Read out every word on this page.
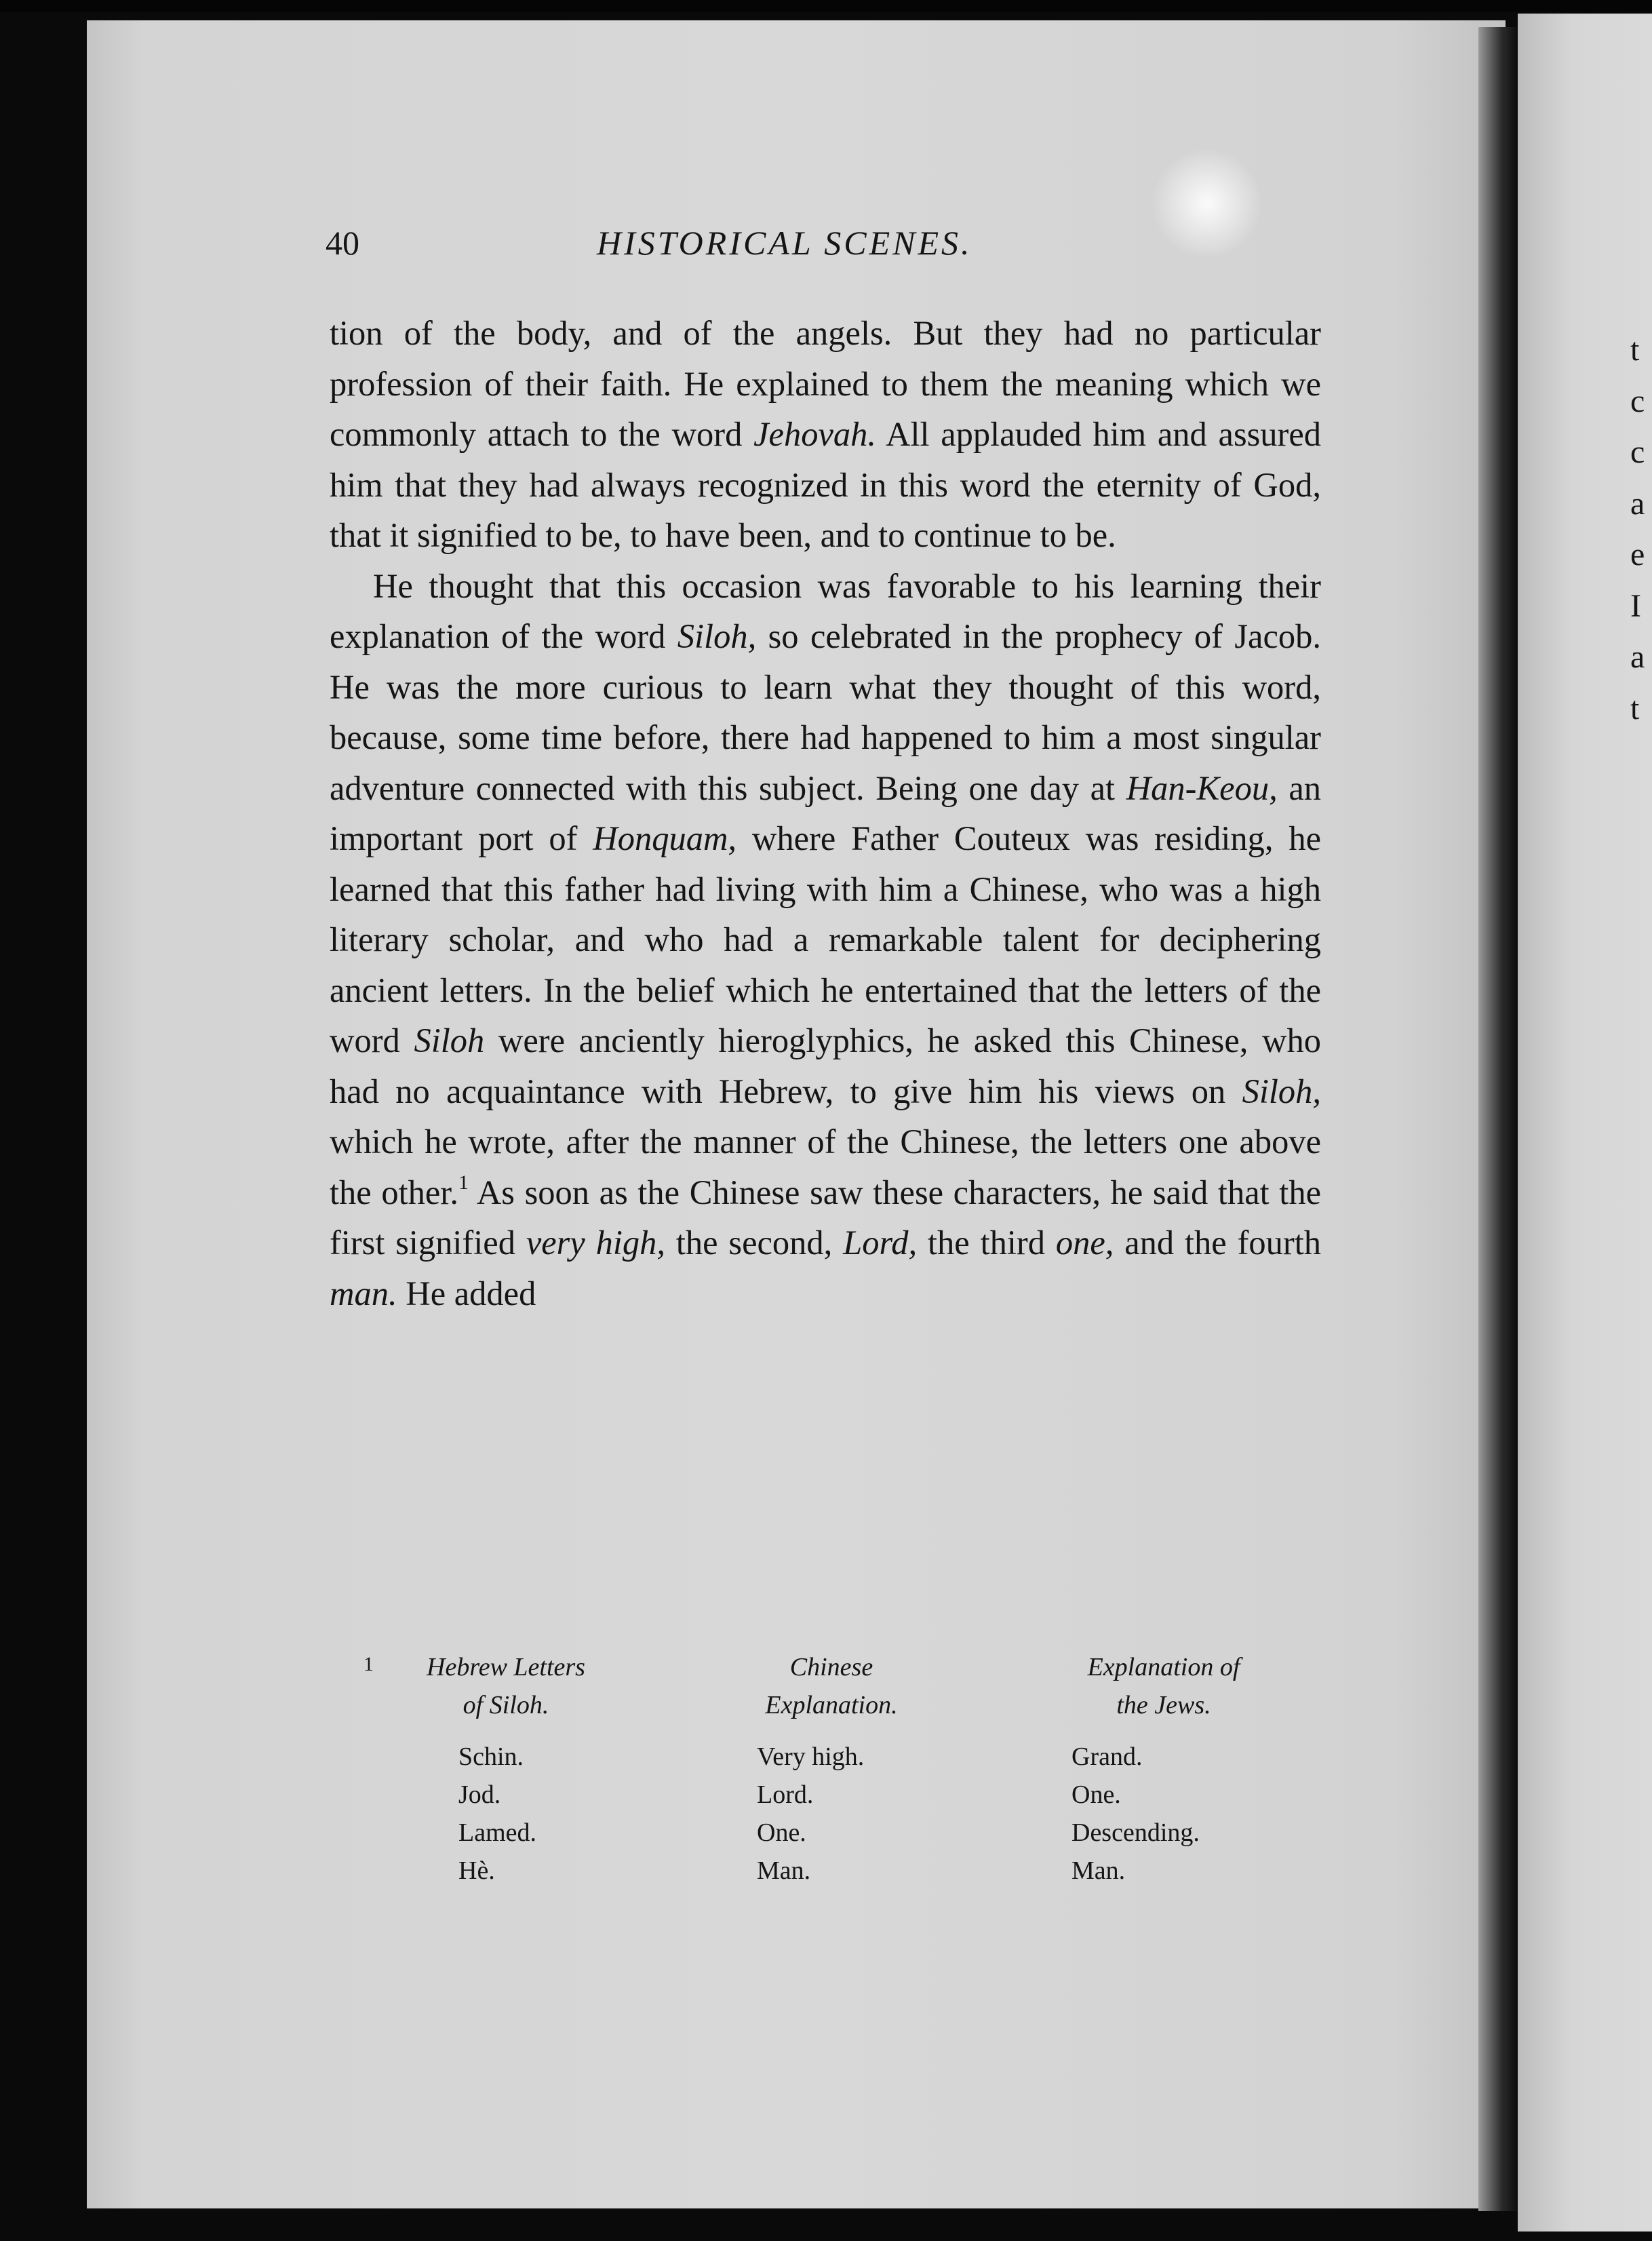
40	HISTORICAL SCENES.

tion of the body, and of the angels. But they had no particular profession of their faith. He explained to them the meaning which we commonly attach to the word Jehovah. All applauded him and assured him that they had always recognized in this word the eternity of God, that it signified to be, to have been, and to continue to be.

He thought that this occasion was favorable to his learning their explanation of the word Siloh, so celebrated in the prophecy of Jacob. He was the more curious to learn what they thought of this word, because, some time before, there had happened to him a most singular adventure connected with this subject. Being one day at Han-Keou, an important port of Honquam, where Father Couteux was residing, he learned that this father had living with him a Chinese, who was a high literary scholar, and who had a remarkable talent for deciphering ancient letters. In the belief which he entertained that the letters of the word Siloh were anciently hieroglyphics, he asked this Chinese, who had no acquaintance with Hebrew, to give him his views on Siloh, which he wrote, after the manner of the Chinese, the letters one above the other.$^1$ As soon as the Chinese saw these characters, he said that the first signified very high, the second, Lord, the third one, and the fourth man. He added

1	Hebrew Letters
of Siloh.
Schin.
Jod.
Lamed.
Hè.
Chinese
Explanation.
Very high.
Lord.
One.
Man.
Explanation of
the Jews.
Grand.
One.
Descending.
Man.
t
c
c
a
e
I
a
t
